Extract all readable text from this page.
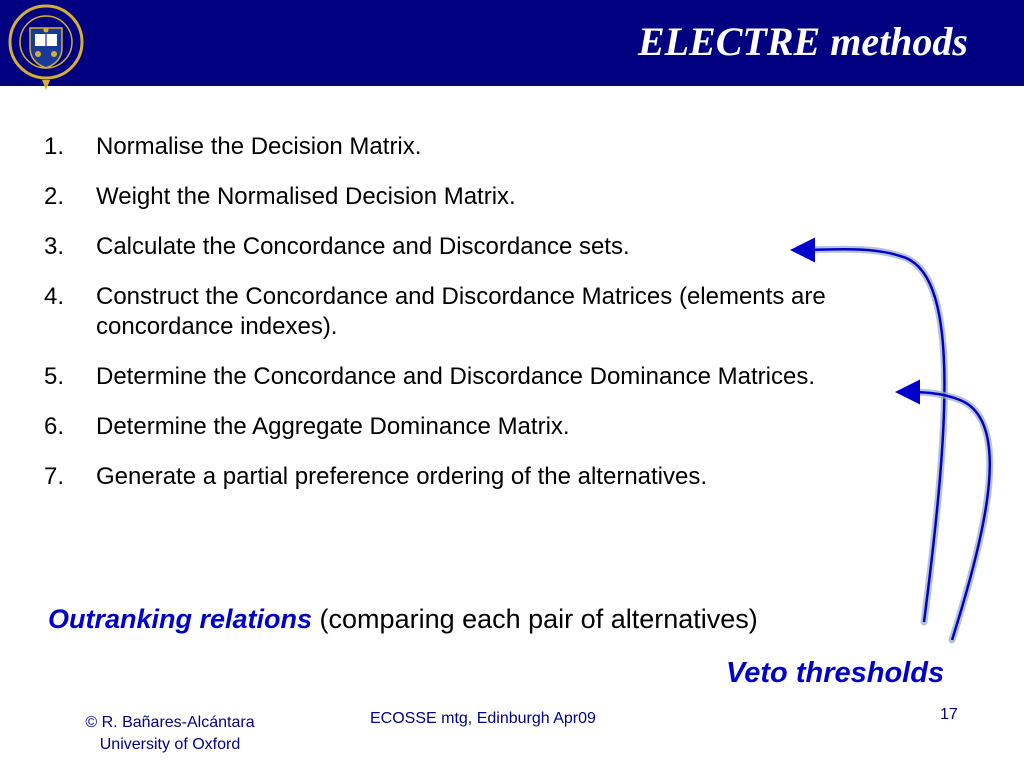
ELECTRE methods
1.	Normalise the Decision Matrix.
2.	Weight the Normalised Decision Matrix.
3.	Calculate the Concordance and Discordance sets.
4.	Construct the Concordance and Discordance Matrices (elements are concordance indexes).
5.	Determine the Concordance and Discordance Dominance Matrices.
6.	Determine the Aggregate Dominance Matrix.
7.	Generate a partial preference ordering of the alternatives.
Outranking relations (comparing each pair of alternatives)
Veto thresholds
© R. Bañares-Alcántara
University of Oxford
ECOSSE mtg, Edinburgh Apr09	17
